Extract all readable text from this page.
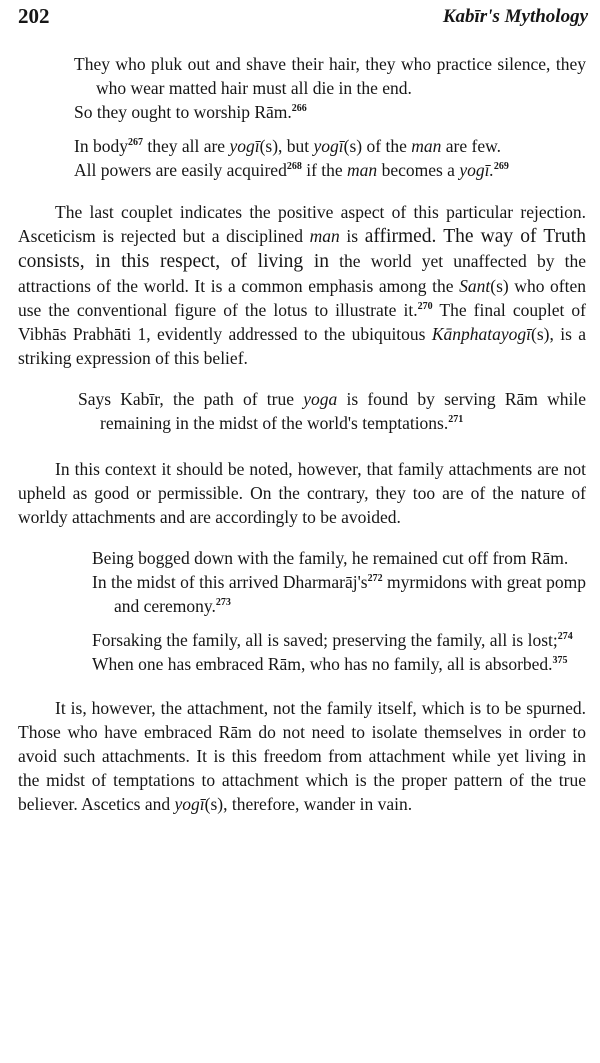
202	Kabīr's Mythology

They who pluk out and shave their hair, they who practice silence, they who wear matted hair must all die in the end.

So they ought to worship Rām.$^{266}$

In body$^{267}$ they all are yogī(s), but yogī(s) of the man are few.

All powers are easily acquired$^{268}$ if the man becomes a yogī.$^{269}$

The last couplet indicates the positive aspect of this particular rejection. Asceticism is rejected but a disciplined man is affirmed. The way of Truth consists, in this respect, of living in the world yet unaffected by the attractions of the world. It is a common emphasis among the Sant(s) who often use the conventional figure of the lotus to illustrate it.$^{270}$ The final couplet of Vibhās Prabhāti 1, evidently addressed to the ubiquitous Kānphatayogī(s), is a striking expression of this belief.

Says Kabīr, the path of true yoga is found by serving Rām while remaining in the midst of the world's temptations.$^{271}$

In this context it should be noted, however, that family attachments are not upheld as good or permissible. On the contrary, they too are of the nature of worldy attachments and are accordingly to be avoided.

Being bogged down with the family, he remained cut off from Rām.

In the midst of this arrived $Dharmarāj's^{272}$ myrmidons with great pomp and ceremony.$^{273}$

Forsaking the family, all is saved; preserving the family, all is lost;$^{274}$

When one has embraced Rām, who has no family, all is absorbed.$^{375}$

It is, however, the attachment, not the family itself, which is to be spurned. Those who have embraced Rām do not need to isolate themselves in order to avoid such attachments. It is this freedom from attachment while yet living in the midst of temptations to attachment which is the proper pattern of the true believer. Ascetics and yogī(s), therefore, wander in vain.
